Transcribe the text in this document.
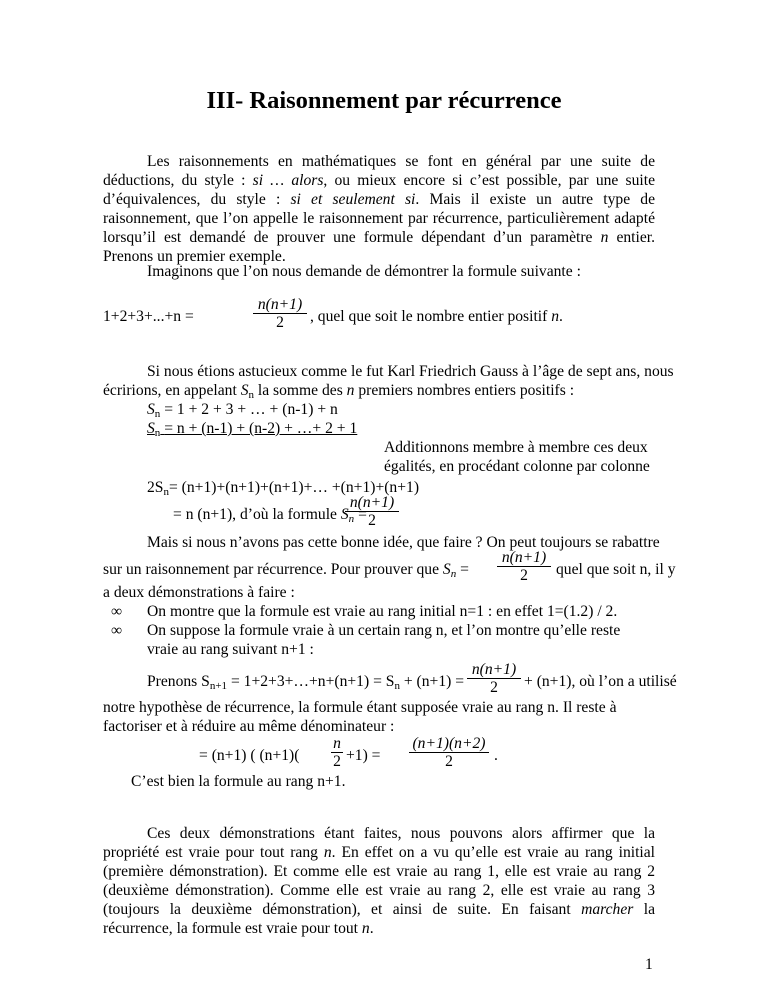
III- Raisonnement par récurrence

Les raisonnements en mathématiques se font en général par une suite de déductions, du style : si … alors, ou mieux encore si c’est possible, par une suite d’équivalences, du style : si et seulement si. Mais il existe un autre type de raisonnement, que l’on appelle le raisonnement par récurrence, particulièrement adapté lorsqu’il est demandé de prouver une formule dépendant d’un paramètre n entier. Prenons un premier exemple.

Imaginons que l’on nous demande de démontrer la formule suivante :
1+2+3+...+n =
n(n+1)
2	, quel que soit le nombre entier positif n.
Si nous étions astucieux comme le fut Karl Friedrich Gauss à l’âge de sept ans, nous
écririons, en appelant $S_n$ la somme des n premiers nombres entiers positifs :
$S_n = 1 + 2 + 3$ + … + (n-1) + n
$S_n = n + (n-1) + (n-2)$ + …+ 2 + 1
Additionnons membre à membre ces deux
égalités, en procédant colonne par colonne
$2S_n=$ (n+1)+(n+1)+(n+1)+… +(n+1)+(n+1)
= n (n+1), d’où la formule $S_n$ =
n(n+1)
2
Mais si nous n’avons pas cette bonne idée, que faire ? On peut toujours se rabattre
sur un raisonnement par récurrence. Pour prouver que $S_n$ =
n(n+1)
2	quel que soit n, il y
a deux démonstrations à faire :
∞ On montre que la formule est vraie au rang initial n=1 : en effet 1=(1.2) / 2.
∞ On suppose la formule vraie à un certain rang n, et l’on montre qu’elle reste
vraie au rang suivant n+1 :
Prenons $S_{n+1}$ = 1+2+3+…+n+(n+1) = $S_n + (n+1)$ =
n(n+1)
2	+ (n+1), où l’on a utilisé
notre hypothèse de récurrence, la formule étant supposée vraie au rang n. Il reste à
factoriser et à réduire au même dénominateur :
= (n+1) ( (n+1)(
n
2 +1) =
(n+1)(n+2)
2	.
C’est bien la formule au rang n+1.

Ces deux démonstrations étant faites, nous pouvons alors affirmer que la propriété est vraie pour tout rang n. En effet on a vu qu’elle est vraie au rang initial (première démonstration). Et comme elle est vraie au rang 1, elle est vraie au rang 2 (deuxième démonstration). Comme elle est vraie au rang 2, elle est vraie au rang 3 (toujours la deuxième démonstration), et ainsi de suite. En faisant marcher la récurrence, la formule est vraie pour tout n.

1
